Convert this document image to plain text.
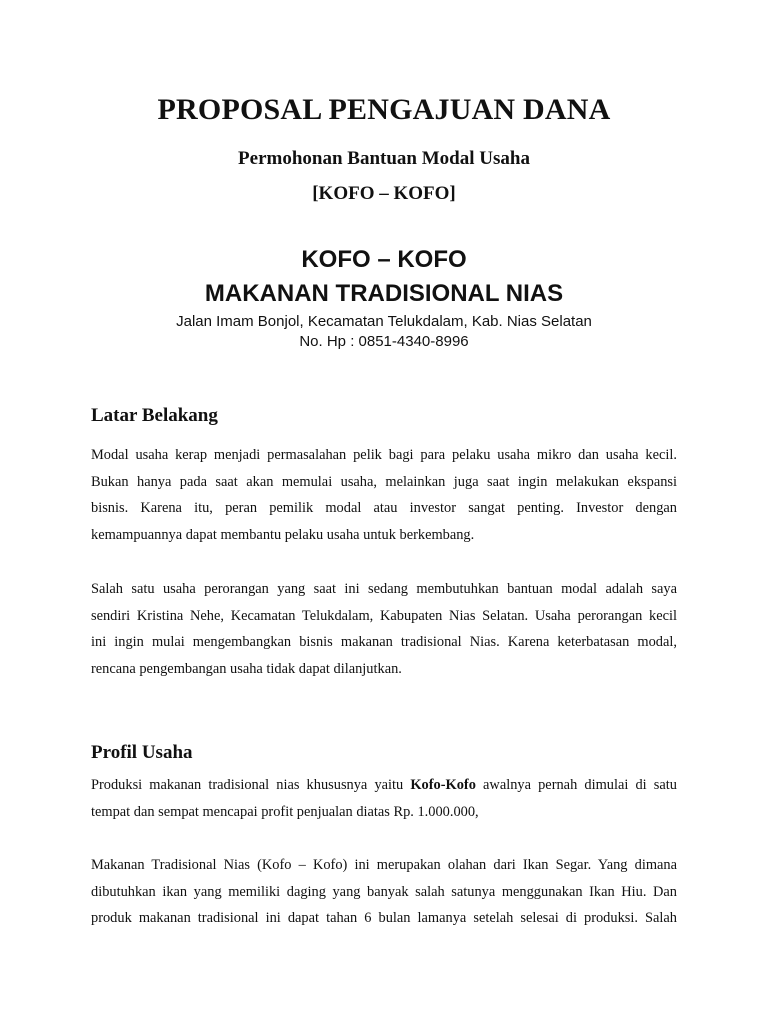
PROPOSAL PENGAJUAN DANA
Permohonan Bantuan Modal Usaha
[KOFO – KOFO]
KOFO – KOFO
MAKANAN TRADISIONAL NIAS
Jalan Imam Bonjol, Kecamatan Telukdalam, Kab. Nias Selatan
No. Hp : 0851-4340-8996
Latar Belakang
Modal usaha kerap menjadi permasalahan pelik bagi para pelaku usaha mikro dan usaha kecil.
Bukan hanya pada saat akan memulai usaha, melainkan juga saat ingin melakukan ekspansi
bisnis. Karena itu, peran pemilik modal atau investor sangat penting. Investor dengan
kemampuannya dapat membantu pelaku usaha untuk berkembang.
Salah satu usaha perorangan yang saat ini sedang membutuhkan bantuan modal adalah saya
sendiri Kristina Nehe, Kecamatan Telukdalam, Kabupaten Nias Selatan. Usaha perorangan kecil
ini ingin mulai mengembangkan bisnis makanan tradisional Nias. Karena keterbatasan modal,
rencana pengembangan usaha tidak dapat dilanjutkan.
Profil Usaha
Produksi makanan tradisional nias khususnya yaitu Kofo-Kofo awalnya pernah dimulai di satu
tempat dan sempat mencapai profit penjualan diatas Rp. 1.000.000,
Makanan Tradisional Nias (Kofo – Kofo) ini merupakan olahan dari Ikan Segar. Yang dimana
dibutuhkan ikan yang memiliki daging yang banyak salah satunya menggunakan Ikan Hiu. Dan
produk makanan tradisional ini dapat tahan 6 bulan lamanya setelah selesai di produksi. Salah
